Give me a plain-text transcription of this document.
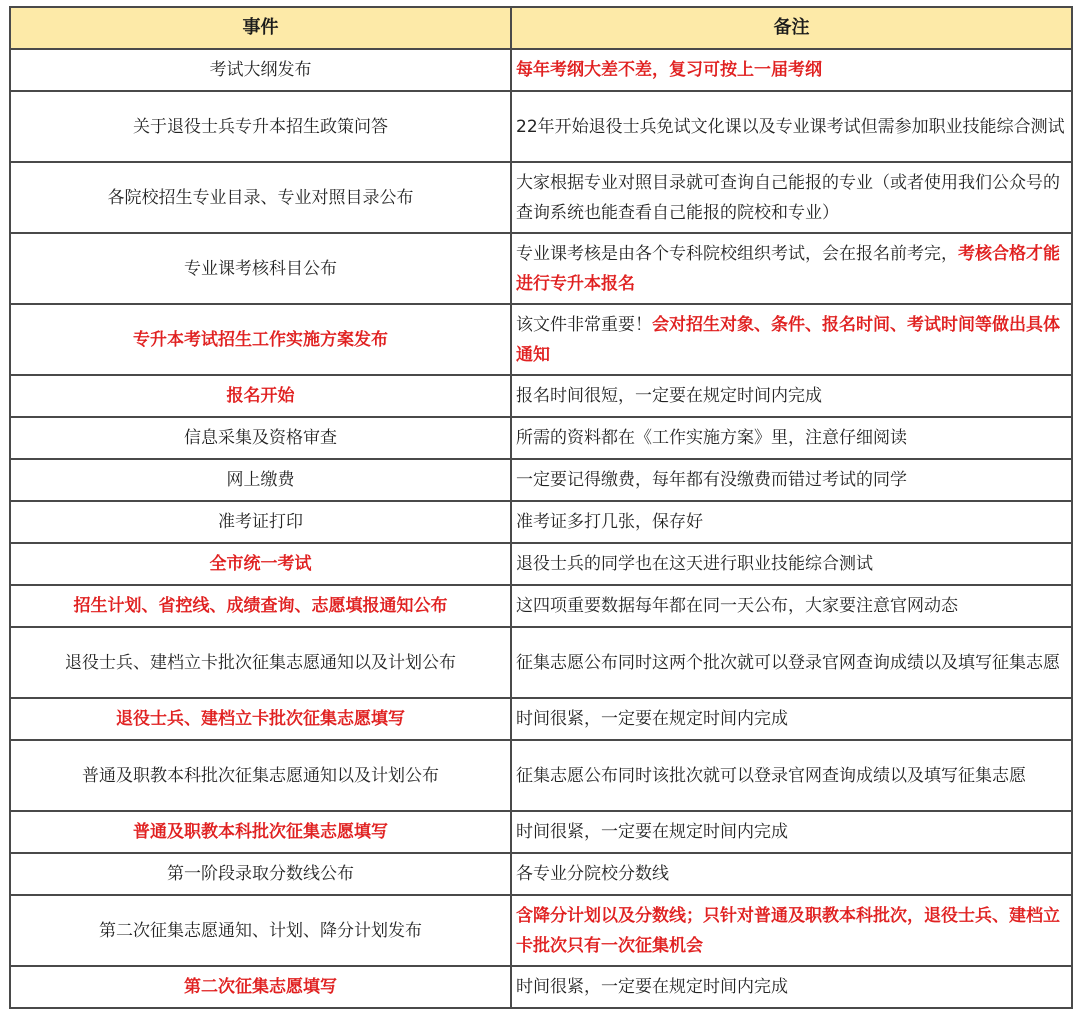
事件	备注
考试大纲发布	每年考纲大差不差，复习可按上一届考纲
关于退役士兵专升本招生政策问答	22年开始退役士兵免试文化课以及专业课考试但需参加职业技能综合测试
各院校招生专业目录、专业对照目录公布	大家根据专业对照目录就可查询自己能报的专业（或者使用我们公众号的查询系统也能查看自己能报的院校和专业）
专业课考核科目公布	专业课考核是由各个专科院校组织考试，会在报名前考完，考核合格才能进行专升本报名
专升本考试招生工作实施方案发布	该文件非常重要！会对招生对象、条件、报名时间、考试时间等做出具体通知
报名开始	报名时间很短，一定要在规定时间内完成
信息采集及资格审查	所需的资料都在《工作实施方案》里，注意仔细阅读
网上缴费	一定要记得缴费，每年都有没缴费而错过考试的同学
准考证打印	准考证多打几张，保存好
全市统一考试	退役士兵的同学也在这天进行职业技能综合测试
招生计划、省控线、成绩查询、志愿填报通知公布	这四项重要数据每年都在同一天公布，大家要注意官网动态
退役士兵、建档立卡批次征集志愿通知以及计划公布	征集志愿公布同时这两个批次就可以登录官网查询成绩以及填写征集志愿
退役士兵、建档立卡批次征集志愿填写	时间很紧，一定要在规定时间内完成
普通及职教本科批次征集志愿通知以及计划公布	征集志愿公布同时该批次就可以登录官网查询成绩以及填写征集志愿
普通及职教本科批次征集志愿填写	时间很紧，一定要在规定时间内完成
第一阶段录取分数线公布	各专业分院校分数线
第二次征集志愿通知、计划、降分计划发布	含降分计划以及分数线；只针对普通及职教本科批次，退役士兵、建档立卡批次只有一次征集机会
第二次征集志愿填写	时间很紧，一定要在规定时间内完成
